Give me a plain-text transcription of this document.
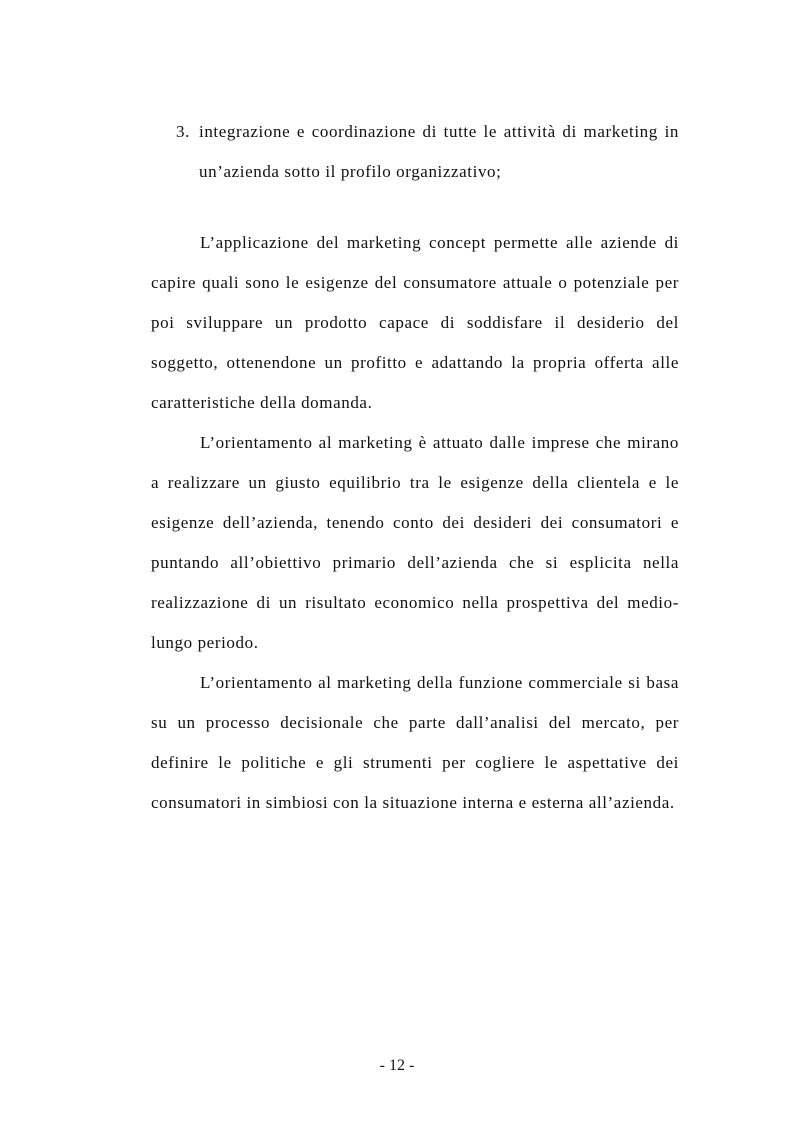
3. integrazione e coordinazione di tutte le attività di marketing in un’azienda sotto il profilo organizzativo;

L’applicazione del marketing concept permette alle aziende di capire quali sono le esigenze del consumatore attuale o potenziale per poi sviluppare un prodotto capace di soddisfare il desiderio del soggetto, ottenendone un profitto e adattando la propria offerta alle caratteristiche della domanda.

L’orientamento al marketing è attuato dalle imprese che mirano a realizzare un giusto equilibrio tra le esigenze della clientela e le esigenze dell’azienda, tenendo conto dei desideri dei consumatori e puntando all’obiettivo primario dell’azienda che si esplicita nella realizzazione di un risultato economico nella prospettiva del medio-lungo periodo.

L’orientamento al marketing della funzione commerciale si basa su un processo decisionale che parte dall’analisi del mercato, per definire le politiche e gli strumenti per cogliere le aspettative dei consumatori in simbiosi con la situazione interna e esterna all’azienda.

- 12 -
